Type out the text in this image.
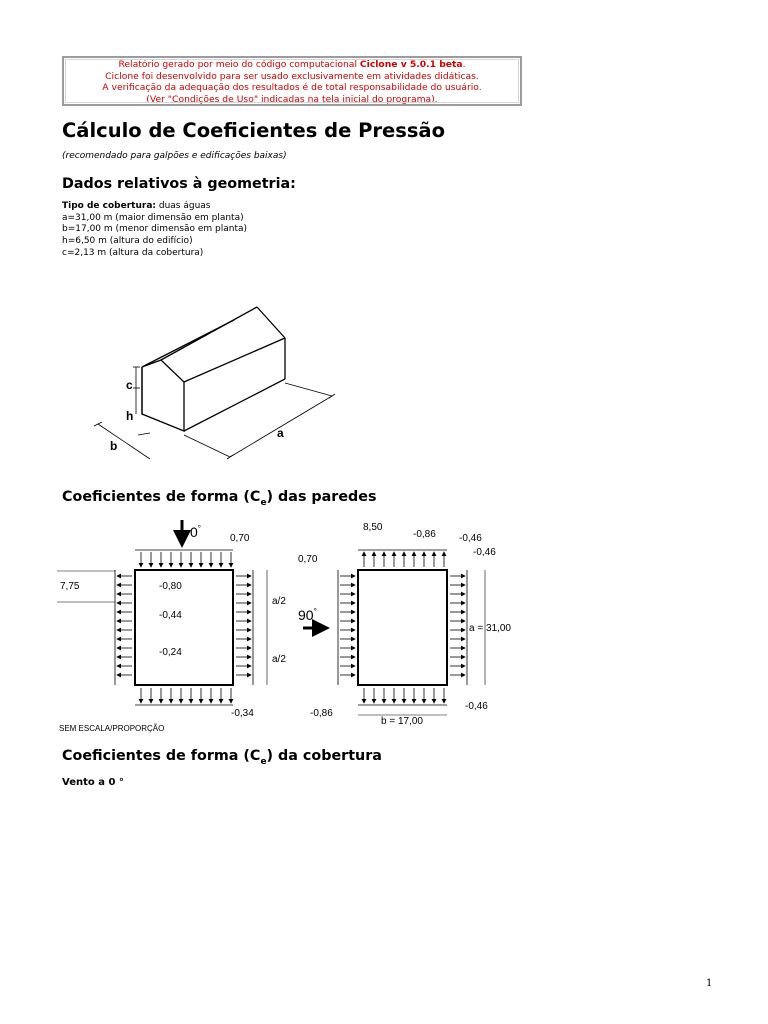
Relatório gerado por meio do código computacional Ciclone v 5.0.1 beta.
Ciclone foi desenvolvido para ser usado exclusivamente em atividades didáticas.
A verificação da adequação dos resultados é de total responsabilidade do usuário.
(Ver "Condições de Uso" indicadas na tela inicial do programa).
Cálculo de Coeficientes de Pressão
(recomendado para galpões e edificações baixas)
Dados relativos à geometria:
Tipo de cobertura: duas águas
a=31,00 m (maior dimensão em planta)
b=17,00 m (menor dimensão em planta)
h=6,50 m (altura do edifício)
c=2,13 m (altura da cobertura)
c
h
b
a
Coeficientes de forma $(C_e)$ das paredes
0°
0,70
7,75	-0,80
-0,44
-0,24
a/2
a/2
-0,34
SEM ESCALA/PROPORÇÃO
90°
8,50
-0,86 -0,46
-0,46
0,70
a = 31,00
-0,86
b = 17,00
-0,46
Coeficientes de forma $(C_e)$ da cobertura
Vento a 0 °
1
